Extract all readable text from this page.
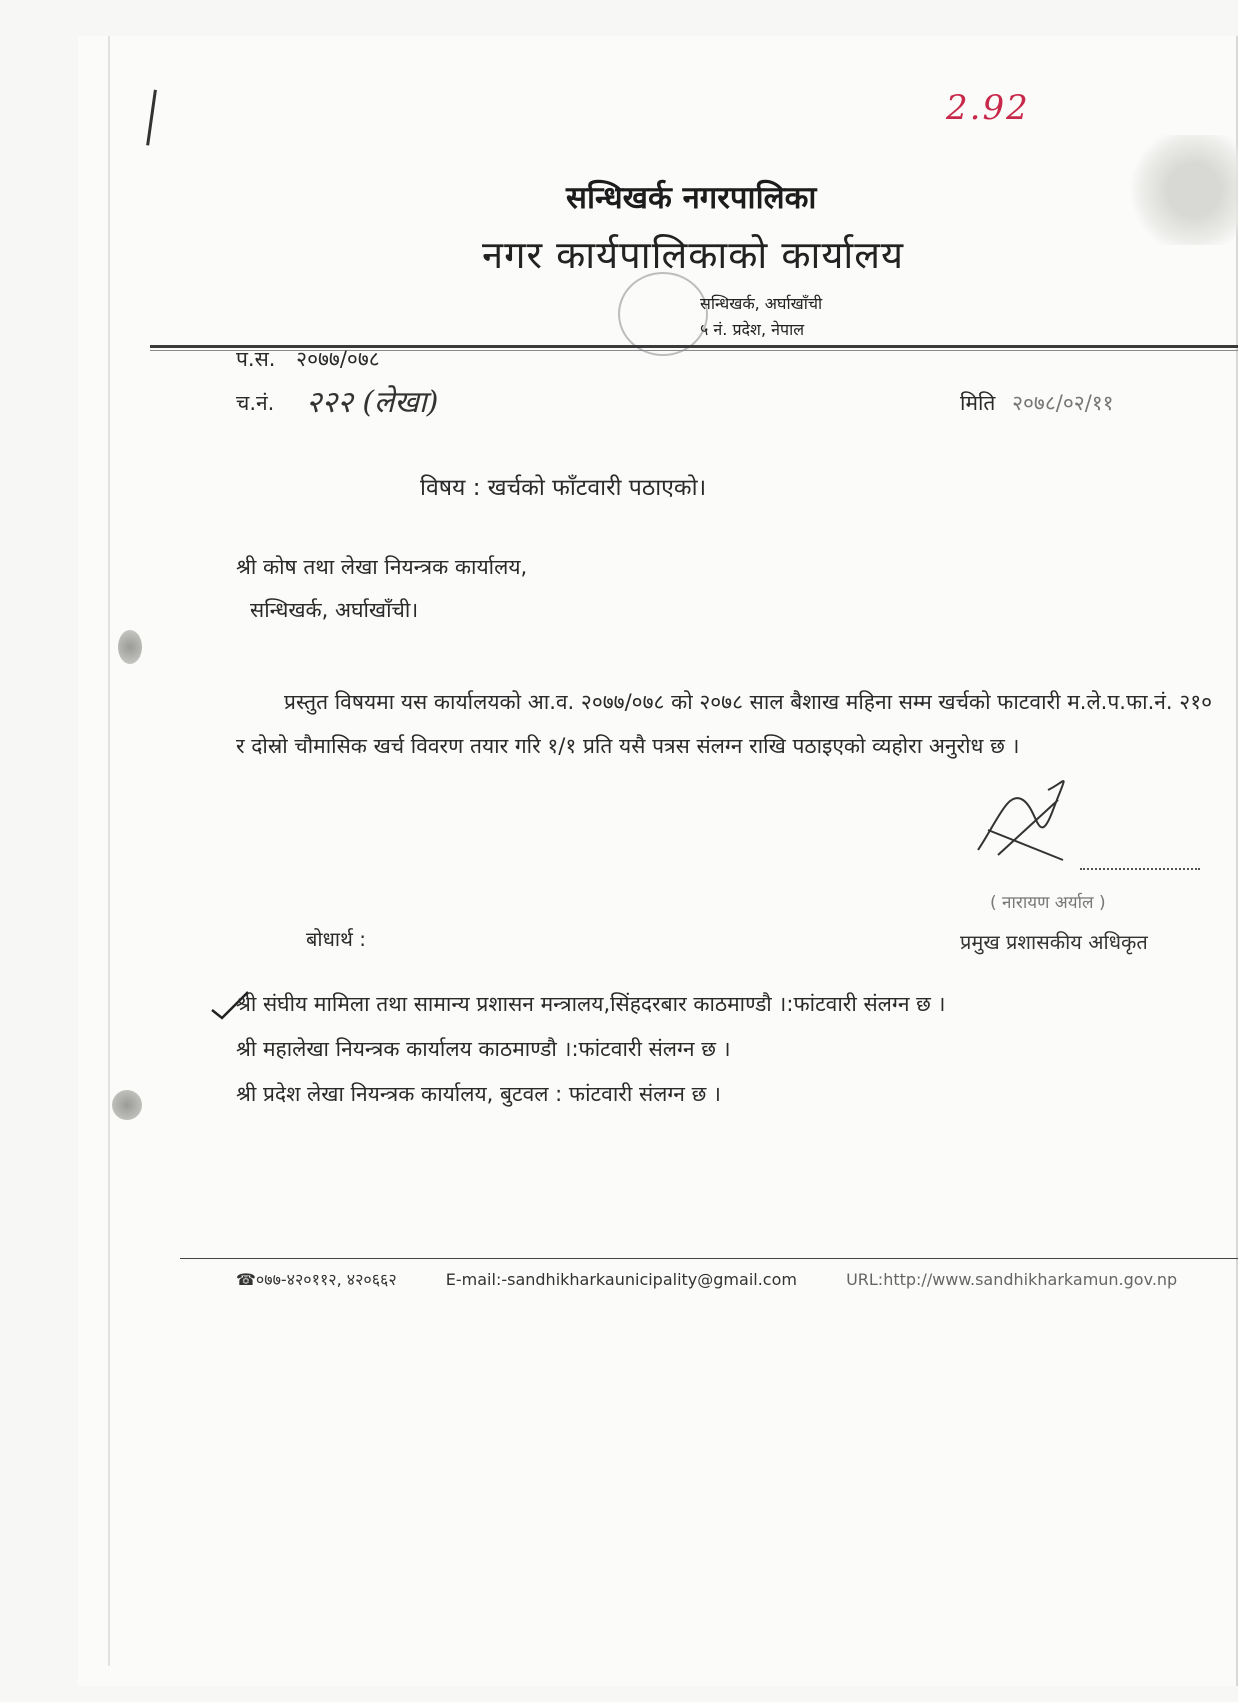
2.92
सन्धिखर्क नगरपालिका
नगर कार्यपालिकाको कार्यालय
सन्धिखर्क, अर्घाखाँची
५ नं. प्रदेश, नेपाल
प.स. २०७७/०७८
च.नं. २२२ (लेखा)	मिति २०७८/०२/११
विषय : खर्चको फाँटवारी पठाएको।
श्री कोष तथा लेखा नियन्त्रक कार्यालय,
सन्धिखर्क, अर्घाखाँची।
प्रस्तुत विषयमा यस कार्यालयको आ.व. २०७७/०७८ को २०७८ साल बैशाख महिना सम्म खर्चको फाटवारी म.ले.प.फा.नं. २१० र दोस्रो चौमासिक खर्च विवरण तयार गरि १/१ प्रति यसै पत्रस संलग्न राखि पठाइएको व्यहोरा अनुरोध छ ।
( नारायण अर्याल )
प्रमुख प्रशासकीय अधिकृत
बोधार्थ :
श्री संघीय मामिला तथा सामान्य प्रशासन मन्त्रालय,सिंहदरबार काठमाण्डौ ।:फांटवारी संलग्न छ ।
श्री महालेखा नियन्त्रक कार्यालय काठमाण्डौ ।:फांटवारी संलग्न छ ।
श्री प्रदेश लेखा नियन्त्रक कार्यालय, बुटवल : फांटवारी संलग्न छ ।
☎०७७-४२०११२, ४२०६६२	E-mail:-sandhikharkaunicipality@gmail.com	URL:http://www.sandhikharkamun.gov.np
